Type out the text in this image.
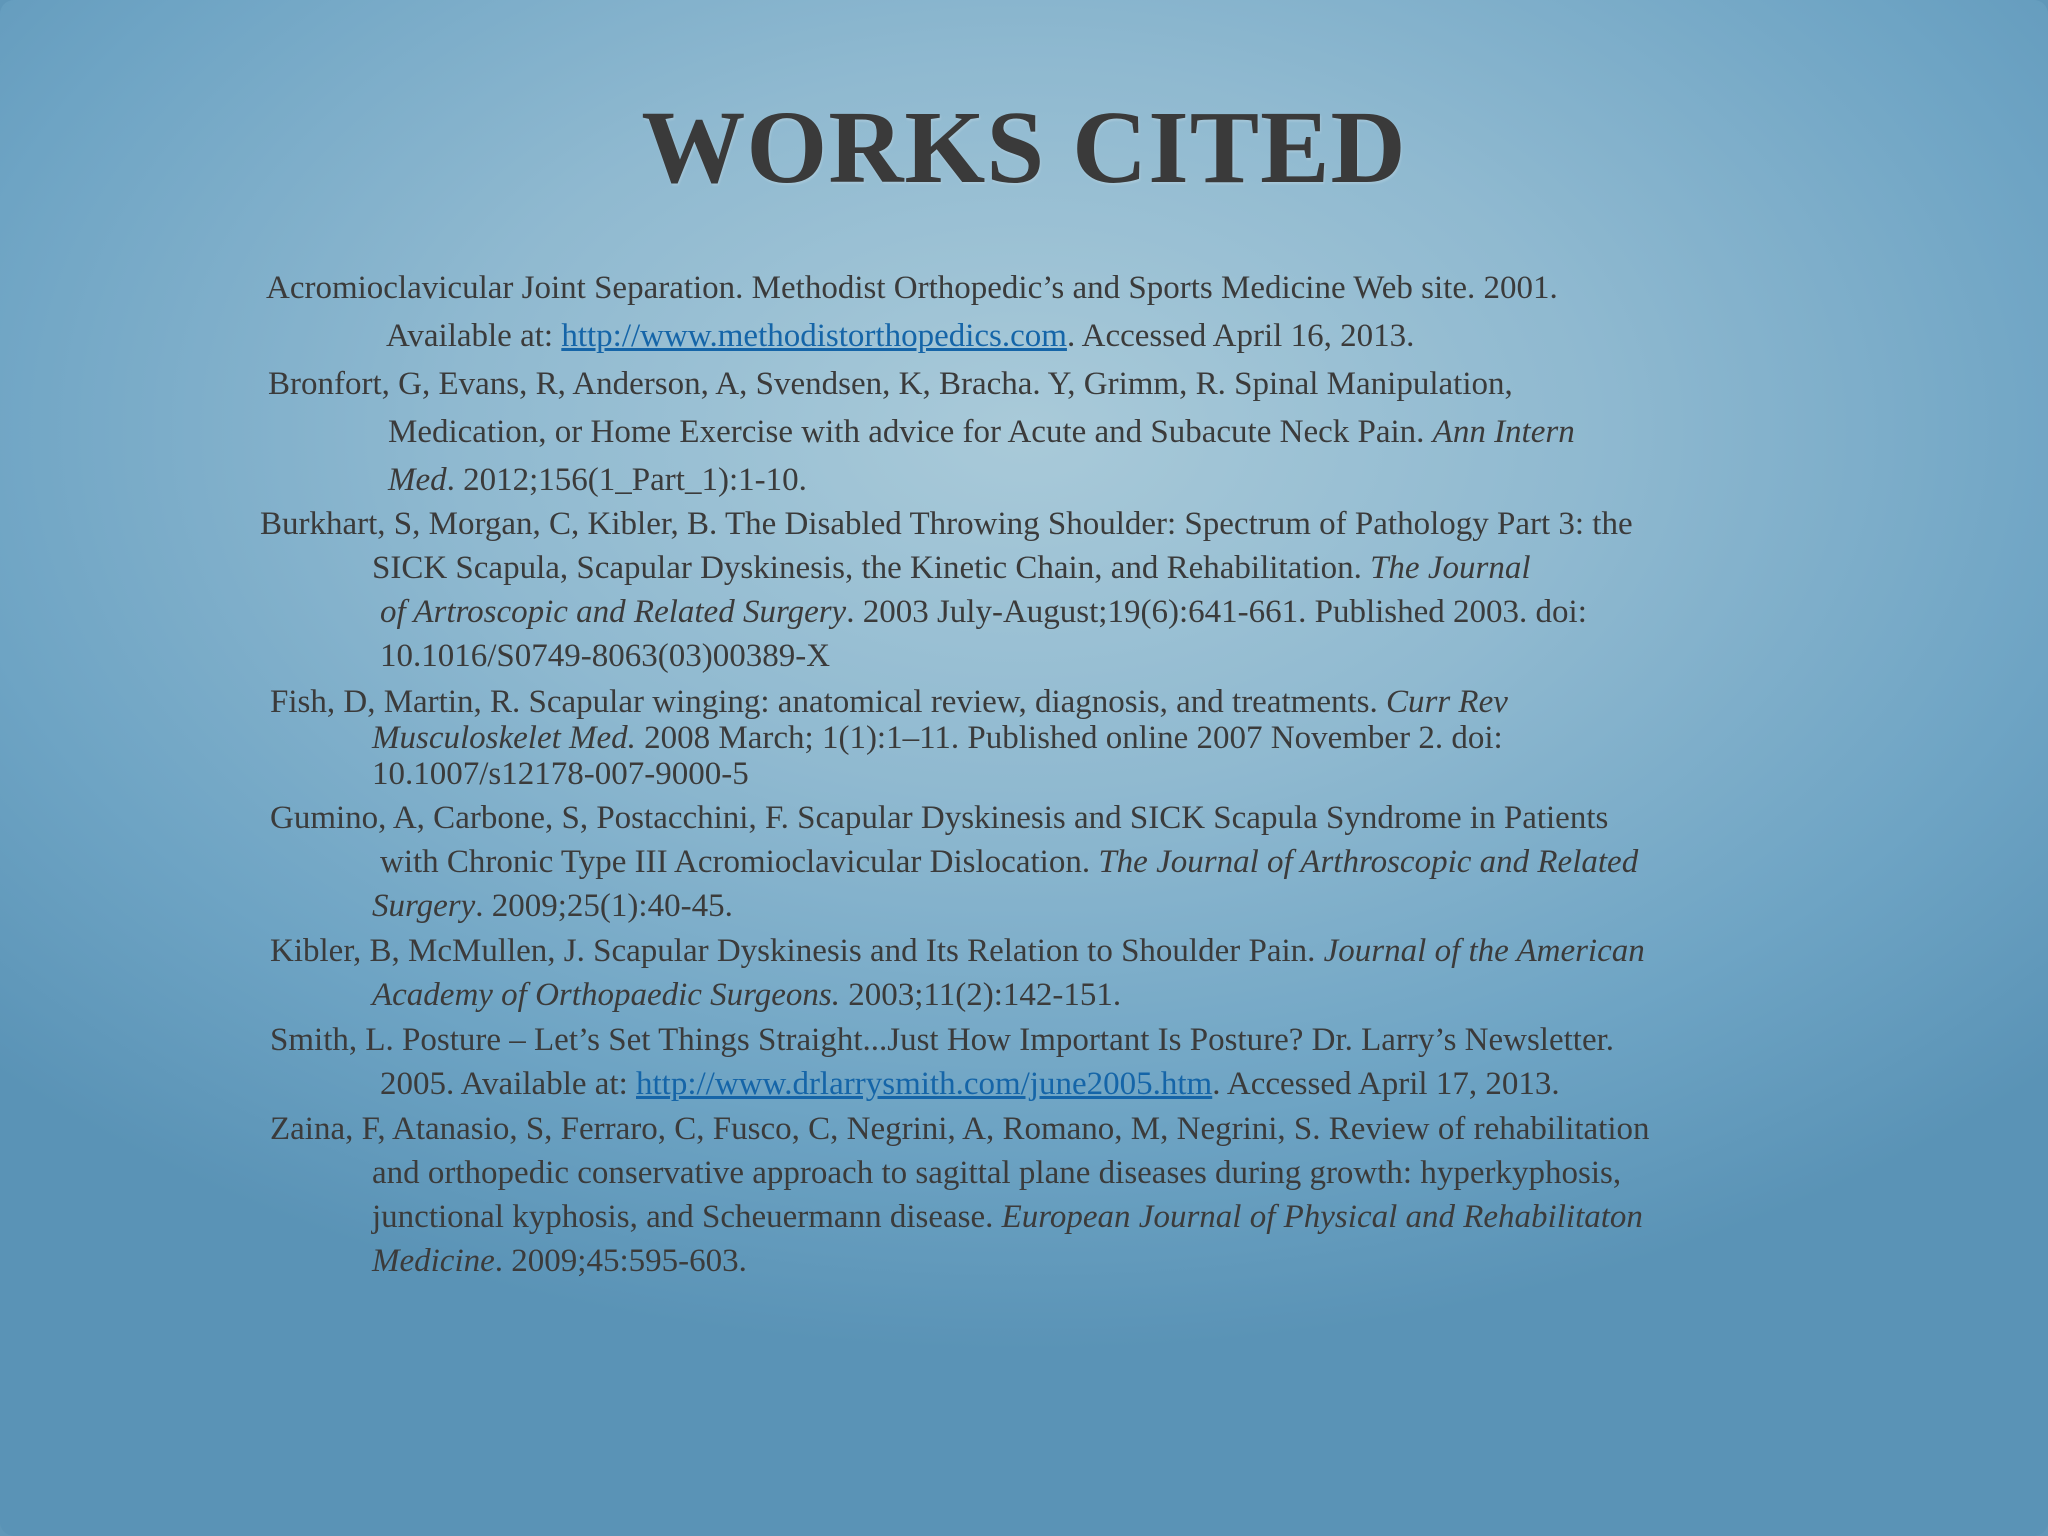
WORKS CITED

Acromioclavicular Joint Separation. Methodist Orthopedic’s and Sports Medicine Web site. 2001.

Available at: http://www.methodistorthopedics.com. Accessed April 16, 2013.

Bronfort, G, Evans, R, Anderson, A, Svendsen, K, Bracha. Y, Grimm, R. Spinal Manipulation,

Medication, or Home Exercise with advice for Acute and Subacute Neck Pain. Ann Intern

Med. 2012;156(1_Part_1):1-10.

Burkhart, S, Morgan, C, Kibler, B. The Disabled Throwing Shoulder: Spectrum of Pathology Part 3: the

SICK Scapula, Scapular Dyskinesis, the Kinetic Chain, and Rehabilitation. The Journal

of Artroscopic and Related Surgery. 2003 July-August;19(6):641-661. Published 2003. doi:

10.1016/S0749-8063(03)00389-X

Fish, D, Martin, R. Scapular winging: anatomical review, diagnosis, and treatments. Curr Rev

Musculoskelet Med. 2008 March; 1(1):1–11. Published online 2007 November 2. doi:

10.1007/s12178-007-9000-5

Gumino, A, Carbone, S, Postacchini, F. Scapular Dyskinesis and SICK Scapula Syndrome in Patients

with Chronic Type III Acromioclavicular Dislocation. The Journal of Arthroscopic and Related

Surgery. 2009;25(1):40-45.

Kibler, B, McMullen, J. Scapular Dyskinesis and Its Relation to Shoulder Pain. Journal of the American

Academy of Orthopaedic Surgeons. 2003;11(2):142-151.

Smith, L. Posture – Let’s Set Things Straight...Just How Important Is Posture? Dr. Larry’s Newsletter.

2005. Available at: http://www.drlarrysmith.com/june2005.htm. Accessed April 17, 2013.

Zaina, F, Atanasio, S, Ferraro, C, Fusco, C, Negrini, A, Romano, M, Negrini, S. Review of rehabilitation

and orthopedic conservative approach to sagittal plane diseases during growth: hyperkyphosis,

junctional kyphosis, and Scheuermann disease. European Journal of Physical and Rehabilitaton

Medicine. 2009;45:595-603.
